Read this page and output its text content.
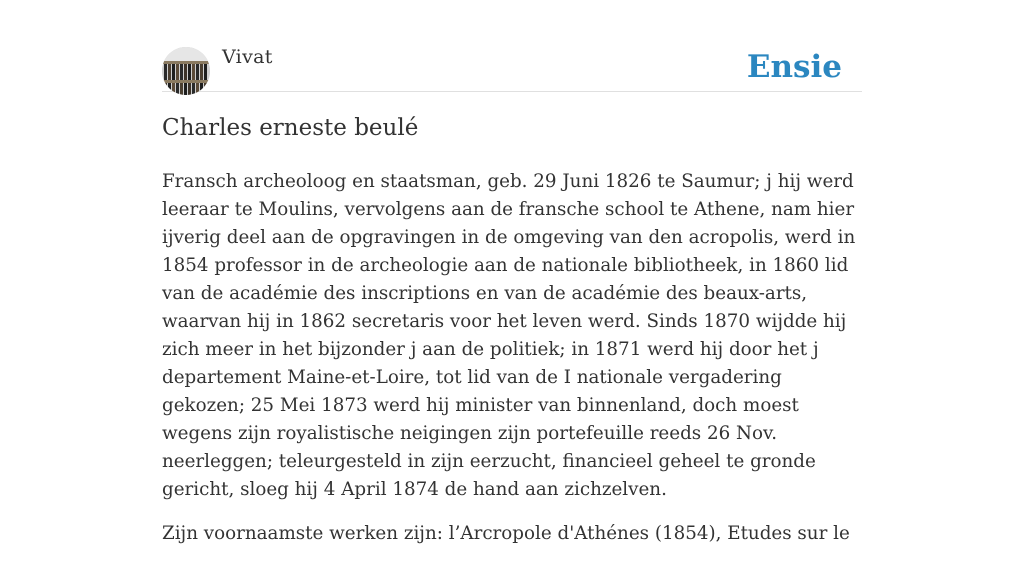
Vivat	Ensie
Charles erneste beulé

Fransch archeoloog en staatsman, geb. 29 Juni 1826 te Saumur; j hij werd leeraar te Moulins, vervolgens aan de fransche school te Athene, nam hier ijverig deel aan de opgravingen in de omgeving van den acropolis, werd in 1854 professor in de archeologie aan de nationale bibliotheek, in 1860 lid van de académie des inscriptions en van de académie des beaux-arts, waarvan hij in 1862 secretaris voor het leven werd. Sinds 1870 wijdde hij zich meer in het bijzonder j aan de politiek; in 1871 werd hij door het j departement Maine-et-Loire, tot lid van de I nationale vergadering gekozen; 25 Mei 1873 werd hij minister van binnenland, doch moest wegens zijn royalistische neigingen zijn portefeuille reeds 26 Nov. neerleggen; teleurgesteld in zijn eerzucht, financieel geheel te gronde gericht, sloeg hij 4 April 1874 de hand aan zichzelven.

Zijn voornaamste werken zijn: l’Arcropole d'Athénes (1854), Etudes sur le
